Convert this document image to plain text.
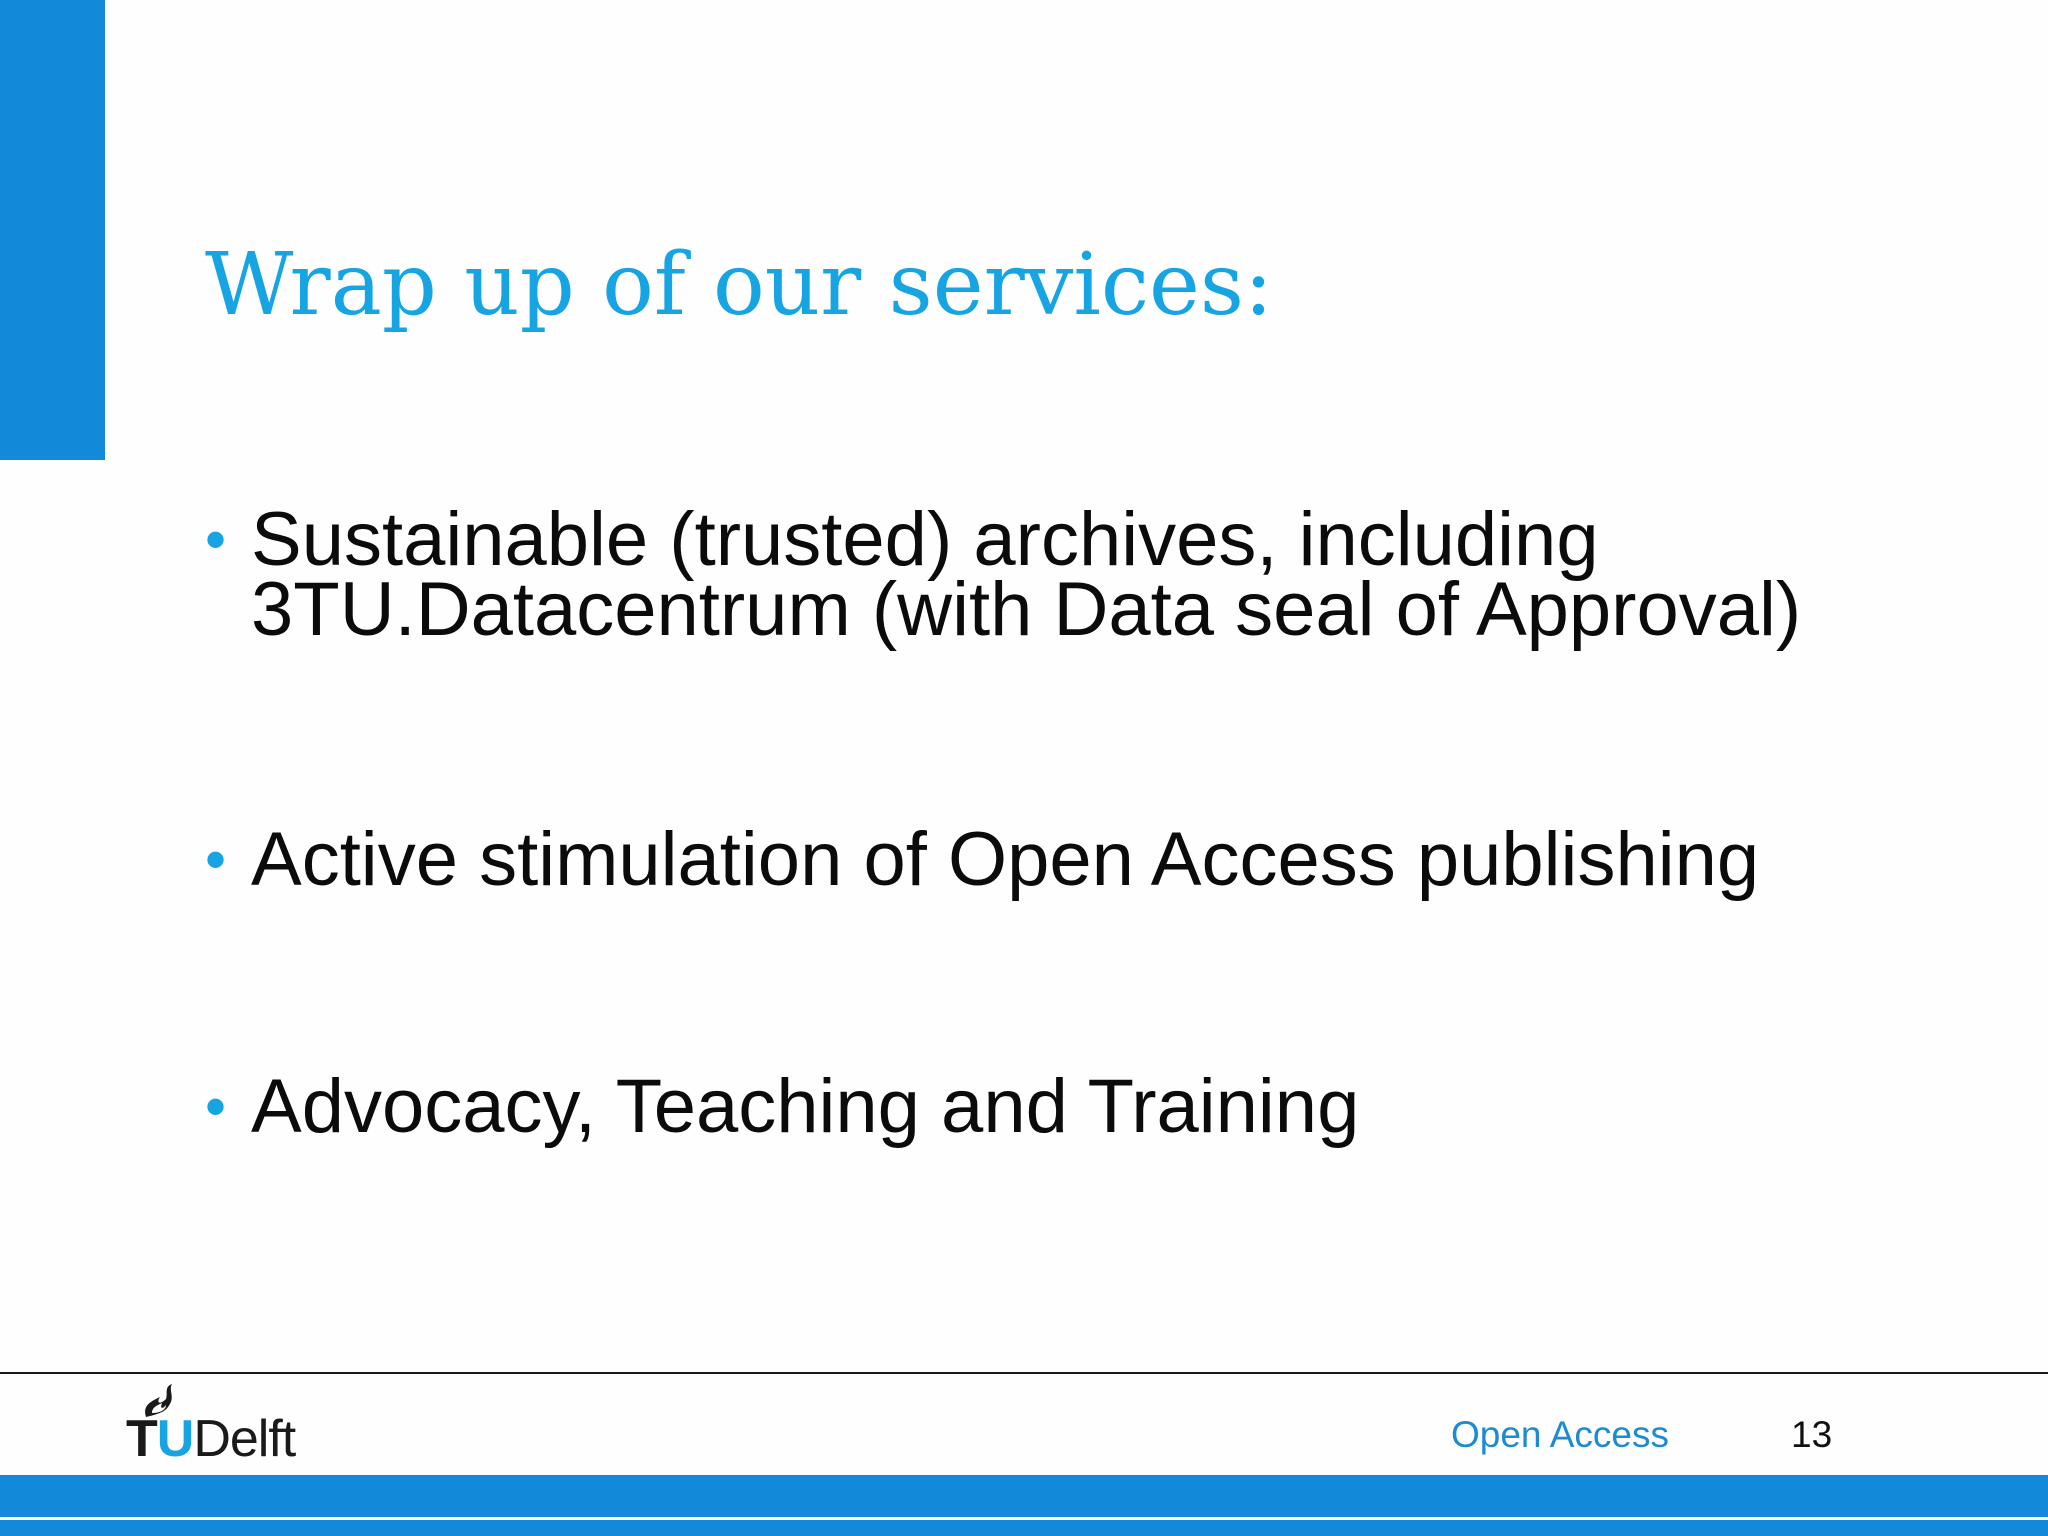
Wrap up of our services:
• Sustainable (trusted) archives, including
3TU.Datacentrum (with Data seal of Approval)
• Active stimulation of Open Access publishing
• Advocacy, Teaching and Training
TUDelft	Open Access	13
